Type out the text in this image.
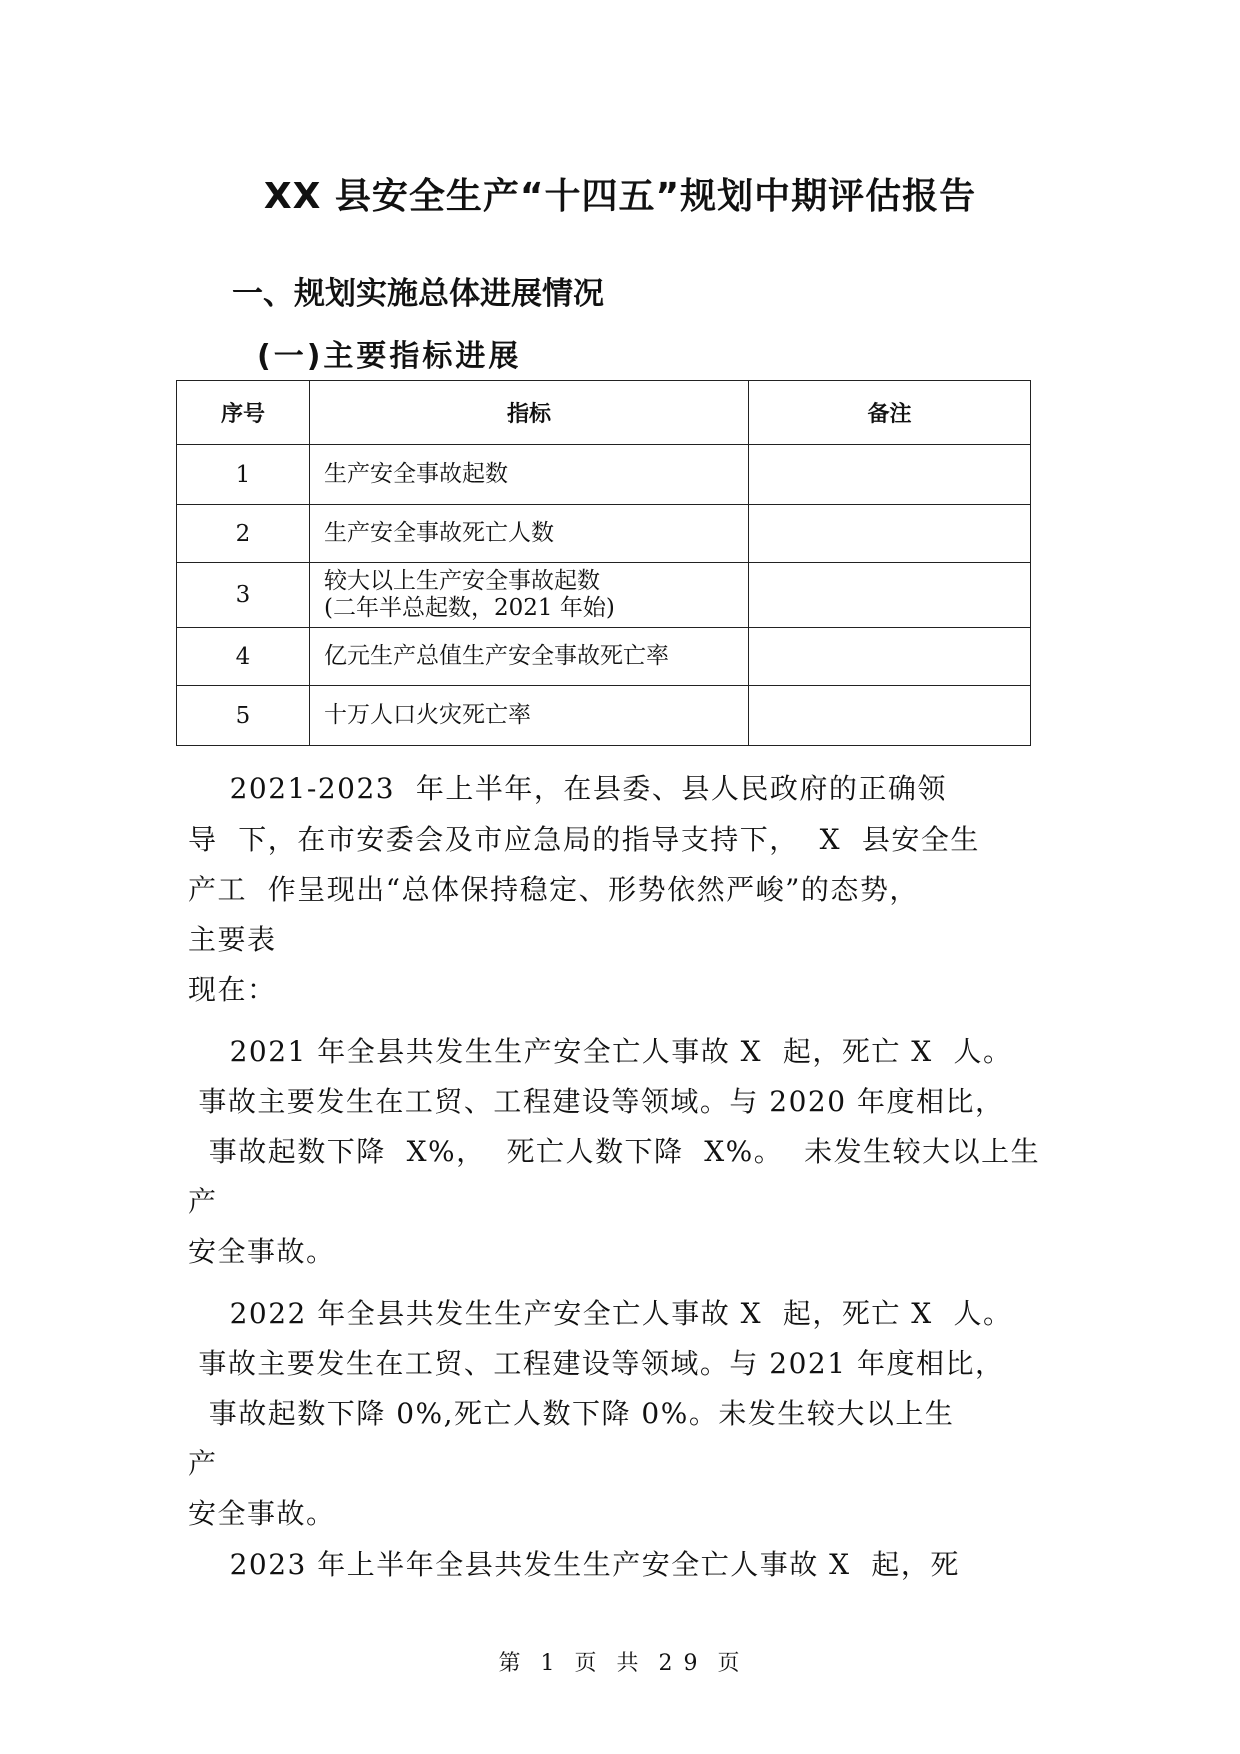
XX 县安全生产“十四五”规划中期评估报告
一、规划实施总体进展情况
(一)主要指标进展
序号	指标	备注
1	生产安全事故起数	
2	生产安全事故死亡人数	
3	较大以上生产安全事故起数
(二年半总起数，2021 年始)	

4	亿元生产总值生产安全事故死亡率	
5	十万人口火灾死亡率	
2021-2023  年上半年，在县委、县人民政府的正确领
导  下，在市安委会及市应急局的指导支持下，  X  县安全生
产工  作呈现出“总体保持稳定、形势依然严峻”的态势，
主要表
现在：
2021 年全县共发生生产安全亡人事故 X  起，死亡 X  人。
事故主要发生在工贸、工程建设等领域。与 2020 年度相比，
事故起数下降  X%，  死亡人数下降  X%。  未发生较大以上生
产
安全事故。
2022 年全县共发生生产安全亡人事故 X  起，死亡 X  人。
事故主要发生在工贸、工程建设等领域。与 2021 年度相比，
事故起数下降 0%,死亡人数下降 0%。未发生较大以上生
产
安全事故。
2023 年上半年全县共发生生产安全亡人事故 X  起，死
第  1  页  共  2 9  页
